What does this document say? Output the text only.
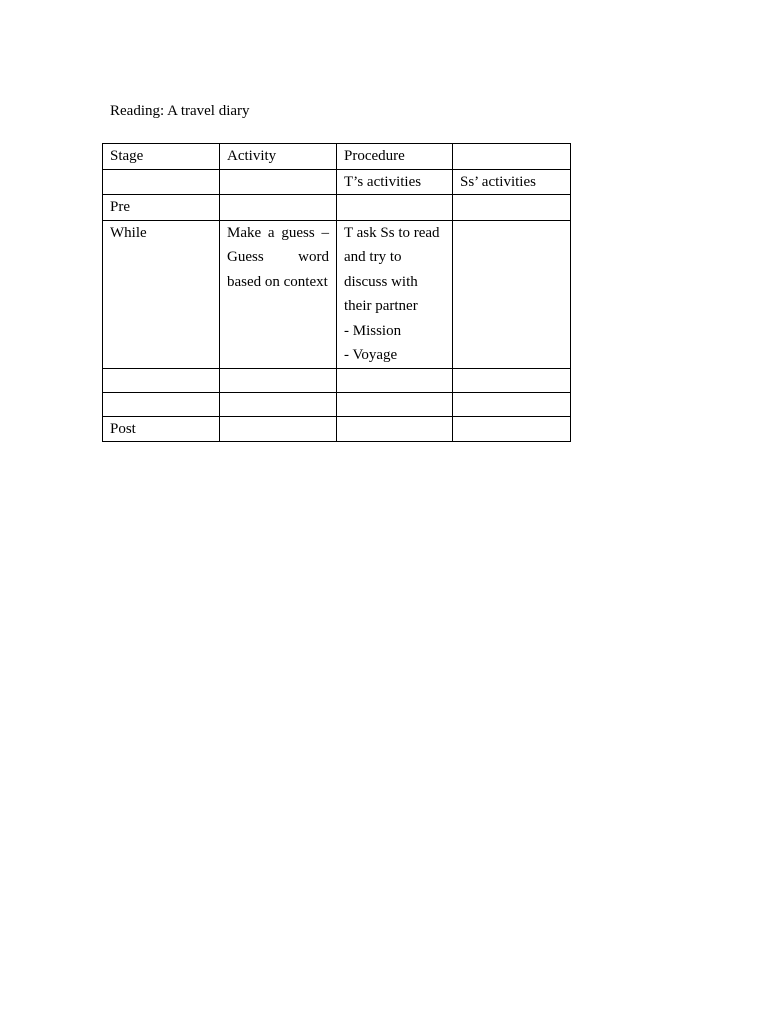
Reading: A travel diary
Stage	Activity	Procedure	
		T’s activities	Ss’ activities
Pre			
While	Make a guess – Guess word based on context	T ask Ss to read and try to discuss with their partner
- Mission
- Voyage	

Post			
